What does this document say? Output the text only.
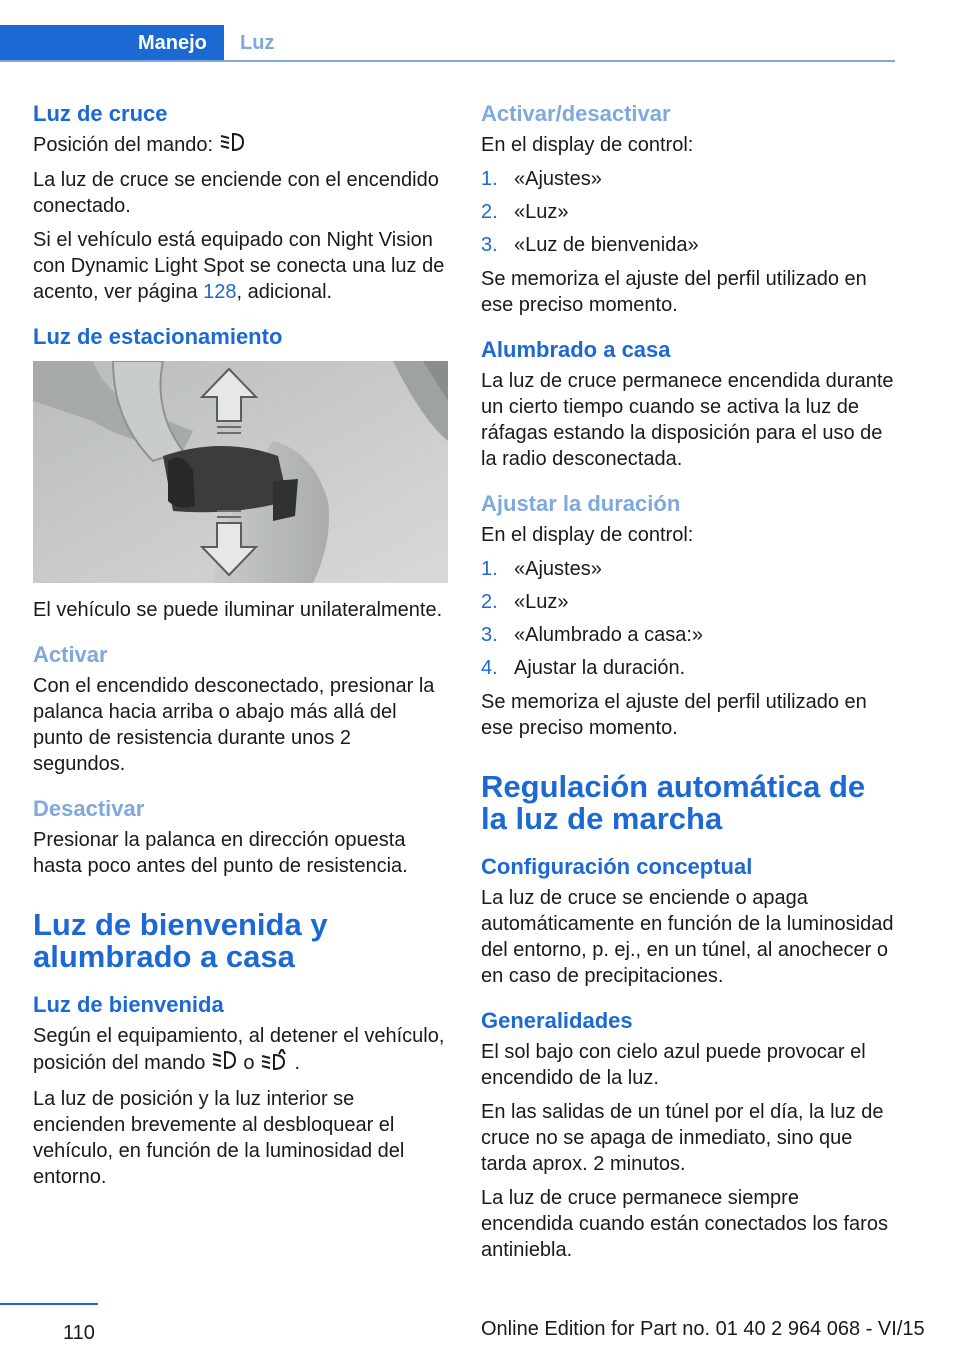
Manejo	Luz
Luz de cruce

Posición del mando:

La luz de cruce se enciende con el encendido conectado.

Si el vehículo está equipado con Night Vision con Dynamic Light Spot se conecta una luz de acento, ver página 128, adicional.

Luz de estacionamiento

El vehículo se puede iluminar unilateralmente.

Activar

Con el encendido desconectado, presionar la palanca hacia arriba o abajo más allá del punto de resistencia durante unos 2 segundos.

Desactivar

Presionar la palanca en dirección opuesta hasta poco antes del punto de resistencia.

Luz de bienvenida y alumbrado a casa
Luz de bienvenida

Según el equipamiento, al detener el vehículo, posición del mando o .

La luz de posición y la luz interior se encienden brevemente al desbloquear el vehículo, en función de la luminosidad del entorno.

Activar/desactivar

En el display de control:

1. «Ajustes»
2. «Luz»
3. «Luz de bienvenida»

Se memoriza el ajuste del perfil utilizado en ese preciso momento.

Alumbrado a casa

La luz de cruce permanece encendida durante un cierto tiempo cuando se activa la luz de ráfagas estando la disposición para el uso de la radio desconectada.

Ajustar la duración

En el display de control:

1. «Ajustes»
2. «Luz»
3. «Alumbrado a casa:»
4. Ajustar la duración.

Se memoriza el ajuste del perfil utilizado en ese preciso momento.

Regulación automática de la luz de marcha
Configuración conceptual

La luz de cruce se enciende o apaga automáticamente en función de la luminosidad del entorno, p. ej., en un túnel, al anochecer o en caso de precipitaciones.

Generalidades

El sol bajo con cielo azul puede provocar el encendido de la luz.

En las salidas de un túnel por el día, la luz de cruce no se apaga de inmediato, sino que tarda aprox. 2 minutos.

La luz de cruce permanece siempre encendida cuando están conectados los faros antiniebla.

110	Online Edition for Part no. 01 40 2 964 068 - VI/15
